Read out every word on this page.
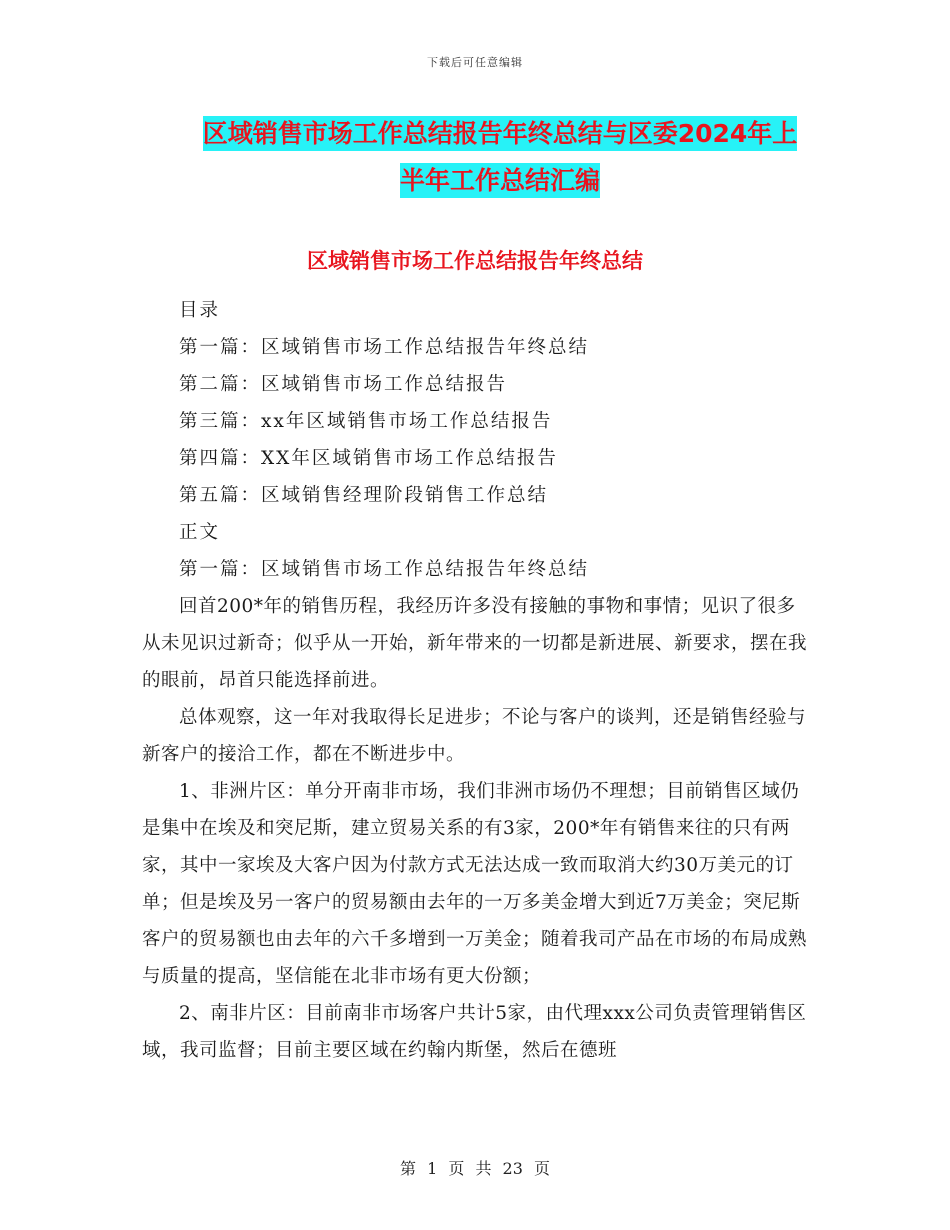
下载后可任意编辑
区域销售市场工作总结报告年终总结与区委2024年上
半年工作总结汇编
区域销售市场工作总结报告年终总结

目录

第一篇：区域销售市场工作总结报告年终总结

第二篇：区域销售市场工作总结报告

第三篇：xx年区域销售市场工作总结报告

第四篇：XX年区域销售市场工作总结报告

第五篇：区域销售经理阶段销售工作总结

正文

第一篇：区域销售市场工作总结报告年终总结

回首200*年的销售历程，我经历许多没有接触的事物和事情；见识了很多从未见识过新奇；似乎从一开始，新年带来的一切都是新进展、新要求，摆在我的眼前，昂首只能选择前进。

总体观察，这一年对我取得长足进步；不论与客户的谈判，还是销售经验与新客户的接洽工作，都在不断进步中。

1、非洲片区：单分开南非市场，我们非洲市场仍不理想；目前销售区域仍是集中在埃及和突尼斯，建立贸易关系的有3家，200*年有销售来往的只有两家，其中一家埃及大客户因为付款方式无法达成一致而取消大约30万美元的订单；但是埃及另一客户的贸易额由去年的一万多美金增大到近7万美金；突尼斯客户的贸易额也由去年的六千多增到一万美金；随着我司产品在市场的布局成熟与质量的提高，坚信能在北非市场有更大份额；

2、南非片区：目前南非市场客户共计5家，由代理xxx公司负责管理销售区域，我司监督；目前主要区域在约翰内斯堡，然后在德班

第 1 页 共 23 页
